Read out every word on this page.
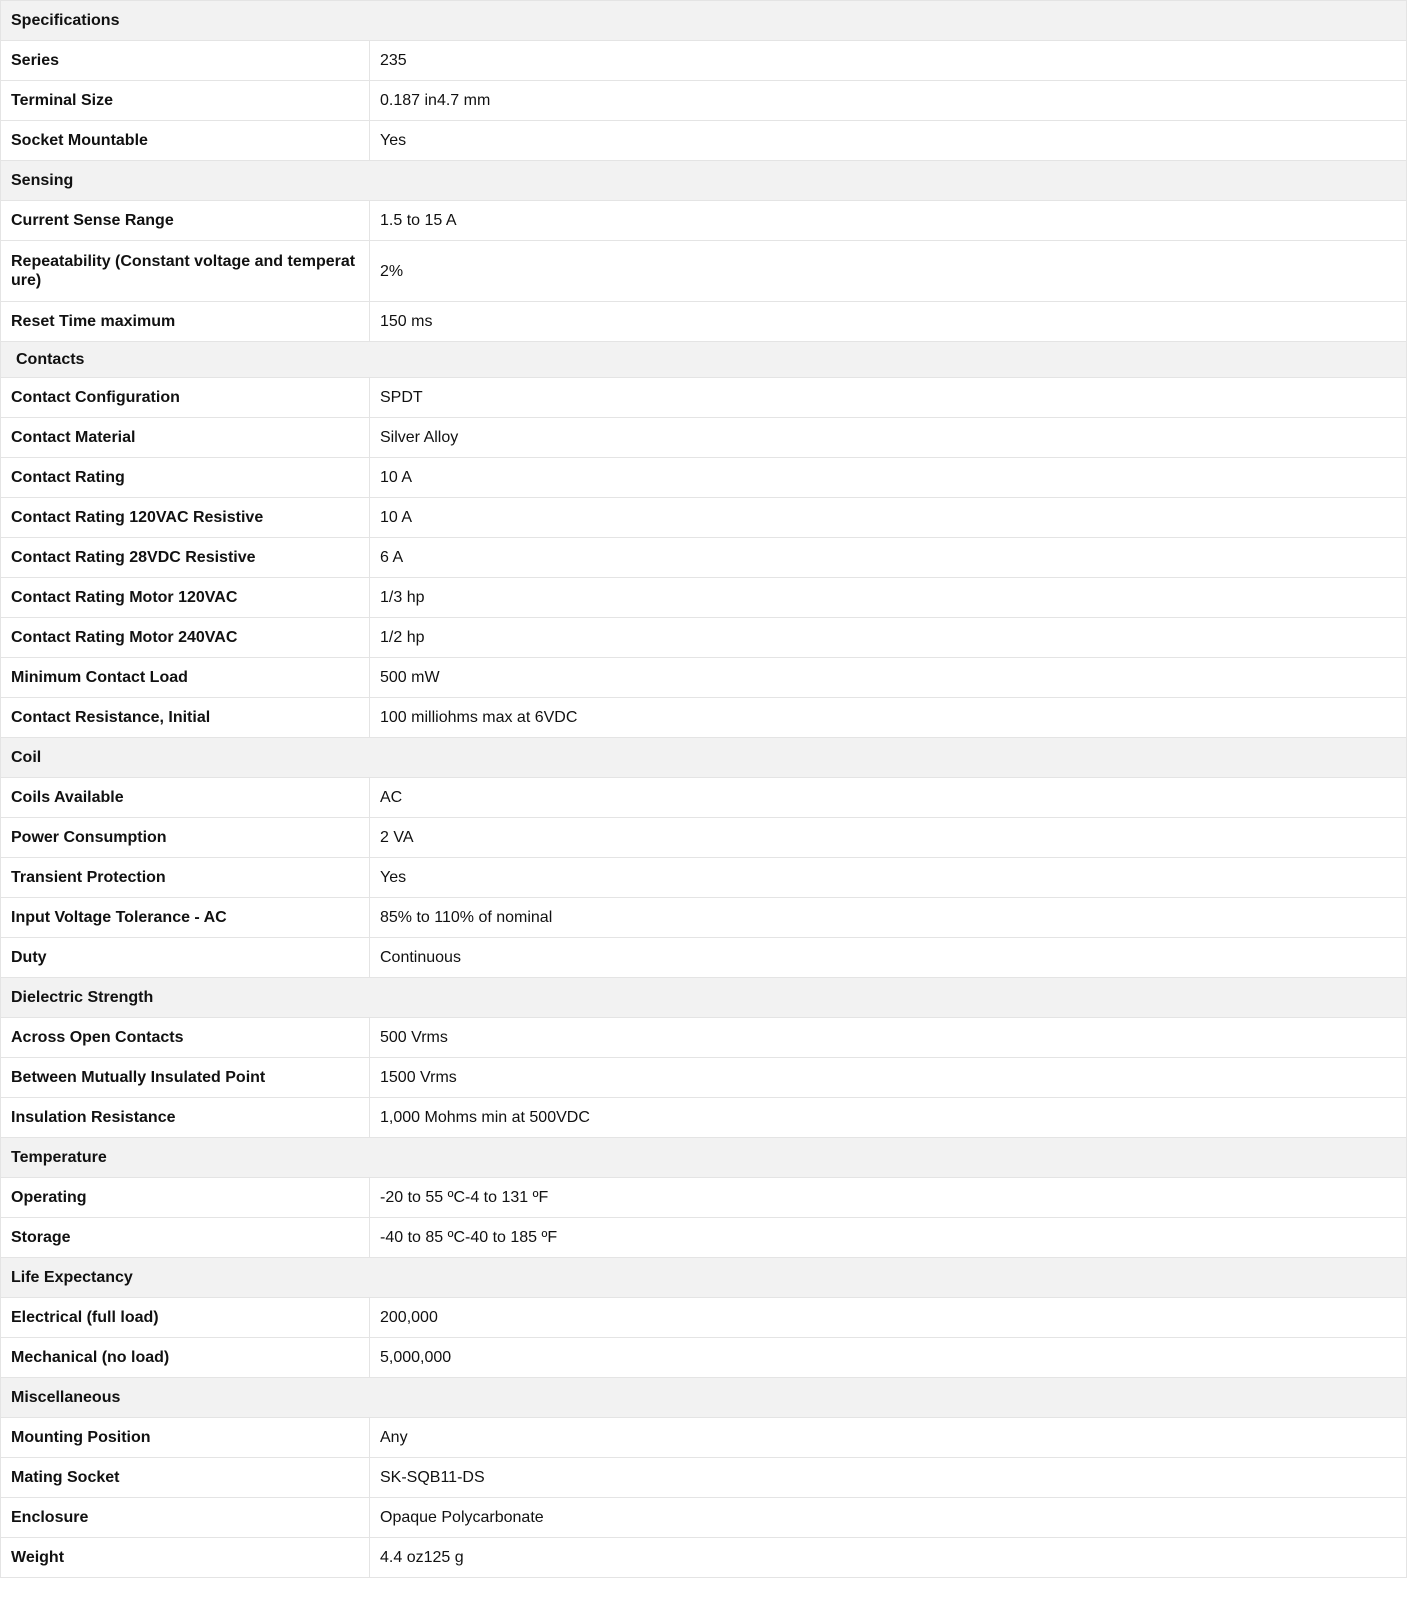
Specifications	
Series	235
Terminal Size	0.187 in4.7 mm
Socket Mountable	Yes
Sensing	
Current Sense Range	1.5 to 15 A
Repeatability (Constant voltage and temperature)	2%
Reset Time maximum	150 ms
Contacts	
Contact Configuration	SPDT
Contact Material	Silver Alloy
Contact Rating	10 A
Contact Rating 120VAC Resistive	10 A
Contact Rating 28VDC Resistive	6 A
Contact Rating Motor 120VAC	1/3 hp
Contact Rating Motor 240VAC	1/2 hp
Minimum Contact Load	500 mW
Contact Resistance, Initial	100 milliohms max at 6VDC
Coil	
Coils Available	AC
Power Consumption	2 VA
Transient Protection	Yes
Input Voltage Tolerance - AC	85% to 110% of nominal
Duty	Continuous
Dielectric Strength	
Across Open Contacts	500 Vrms
Between Mutually Insulated Point	1500 Vrms
Insulation Resistance	1,000 Mohms min at 500VDC
Temperature	
Operating	-20 to 55 ºC-4 to 131 ºF
Storage	-40 to 85 ºC-40 to 185 ºF
Life Expectancy	
Electrical (full load)	200,000
Mechanical (no load)	5,000,000
Miscellaneous	
Mounting Position	Any
Mating Socket	SK-SQB11-DS
Enclosure	Opaque Polycarbonate
Weight	4.4 oz125 g
